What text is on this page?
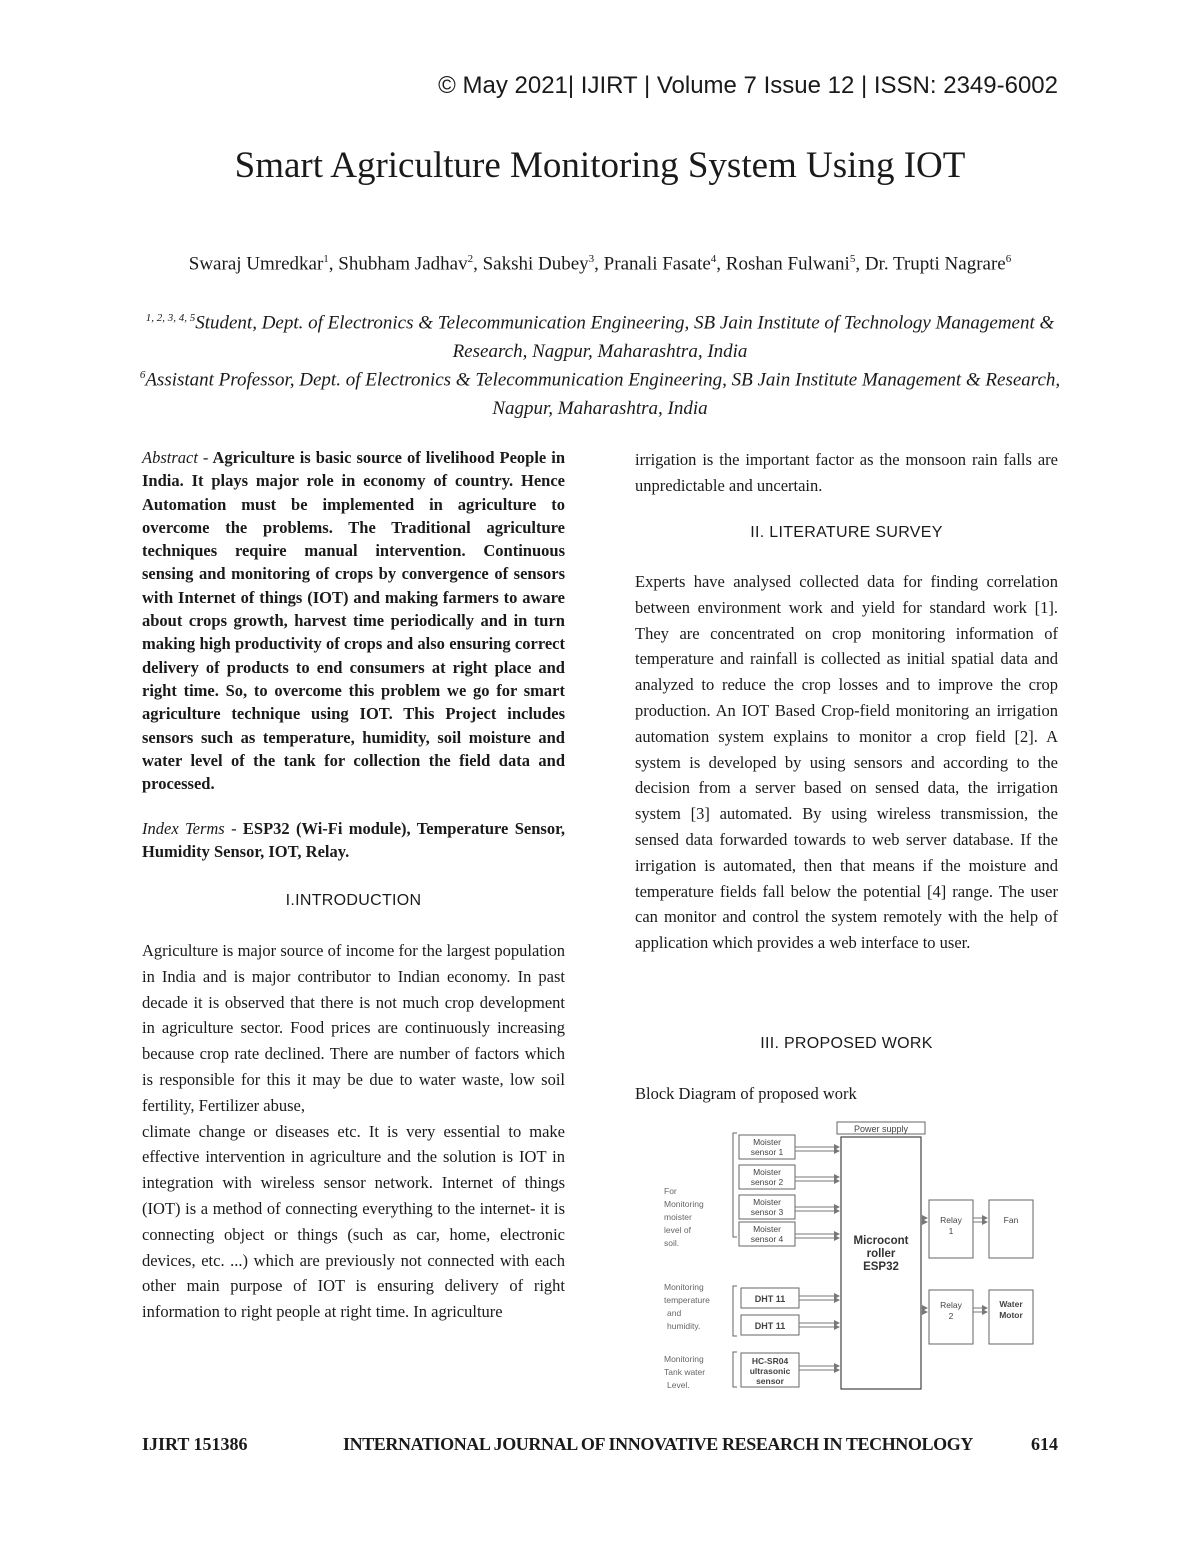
© May 2021| IJIRT | Volume 7 Issue 12 | ISSN: 2349-6002
Smart Agriculture Monitoring System Using IOT
Swaraj Umredkar$^1$, Shubham Jadhav$^2$, Sakshi Dubey$^3$, Pranali Fasate$^4$, Roshan Fulwani$^5$, Dr. Trupti Nagrare$^6$
$^{1, 2, 3, 4, 5}$Student, Dept. of Electronics & Telecommunication Engineering, SB Jain Institute of Technology Management & Research, Nagpur, Maharashtra, India
$^6$Assistant Professor, Dept. of Electronics & Telecommunication Engineering, SB Jain Institute Management & Research, Nagpur, Maharashtra, India
Abstract - Agriculture is basic source of livelihood People in India. It plays major role in economy of country. Hence Automation must be implemented in agriculture to overcome the problems. The Traditional agriculture techniques require manual intervention. Continuous sensing and monitoring of crops by convergence of sensors with Internet of things (IOT) and making farmers to aware about crops growth, harvest time periodically and in turn making high productivity of crops and also ensuring correct delivery of products to end consumers at right place and right time. So, to overcome this problem we go for smart agriculture technique using IOT. This Project includes sensors such as temperature, humidity, soil moisture and water level of the tank for collection the field data and processed.
Index Terms - ESP32 (Wi-Fi module), Temperature Sensor, Humidity Sensor, IOT, Relay.
I.INTRODUCTION

Agriculture is major source of income for the largest population in India and is major contributor to Indian economy. In past decade it is observed that there is not much crop development in agriculture sector. Food prices are continuously increasing because crop rate declined. There are number of factors which is responsible for this it may be due to water waste, low soil fertility, Fertilizer abuse,

climate change or diseases etc. It is very essential to make effective intervention in agriculture and the solution is IOT in integration with wireless sensor network. Internet of things (IOT) is a method of connecting everything to the internet- it is connecting object or things (such as car, home, electronic devices, etc. ...) which are previously not connected with each other main purpose of IOT is ensuring delivery of right information to right people at right time. In agriculture

irrigation is the important factor as the monsoon rain falls are unpredictable and uncertain.
II. LITERATURE SURVEY
Experts have analysed collected data for finding correlation between environment work and yield for standard work [1]. They are concentrated on crop monitoring information of temperature and rainfall is collected as initial spatial data and analyzed to reduce the crop losses and to improve the crop production. An IOT Based Crop-field monitoring an irrigation automation system explains to monitor a crop field [2]. A system is developed by using sensors and according to the decision from a server based on sensed data, the irrigation system [3] automated. By using wireless transmission, the sensed data forwarded towards to web server database. If the irrigation is automated, then that means if the moisture and temperature fields fall below the potential [4] range. The user can monitor and control the system remotely with the help of application which provides a web interface to user.
III. PROPOSED WORK
Block Diagram of proposed work
Power supply
For
Monitoring
moister
level of
soil.
Moister
sensor 1
Moister
sensor 2
Moister
sensor 3
Moister
sensor 4
Monitoring
temperature
and
humidity.
DHT 11
DHT 11
Monitoring
Tank water
Level.
HC-SR04
ultrasonic
sensor
Microcont
roller
ESP32
Relay
1
Relay
2
Fan
Water
Motor
IJIRT 151386	INTERNATIONAL JOURNAL OF INNOVATIVE RESEARCH IN TECHNOLOGY	614
